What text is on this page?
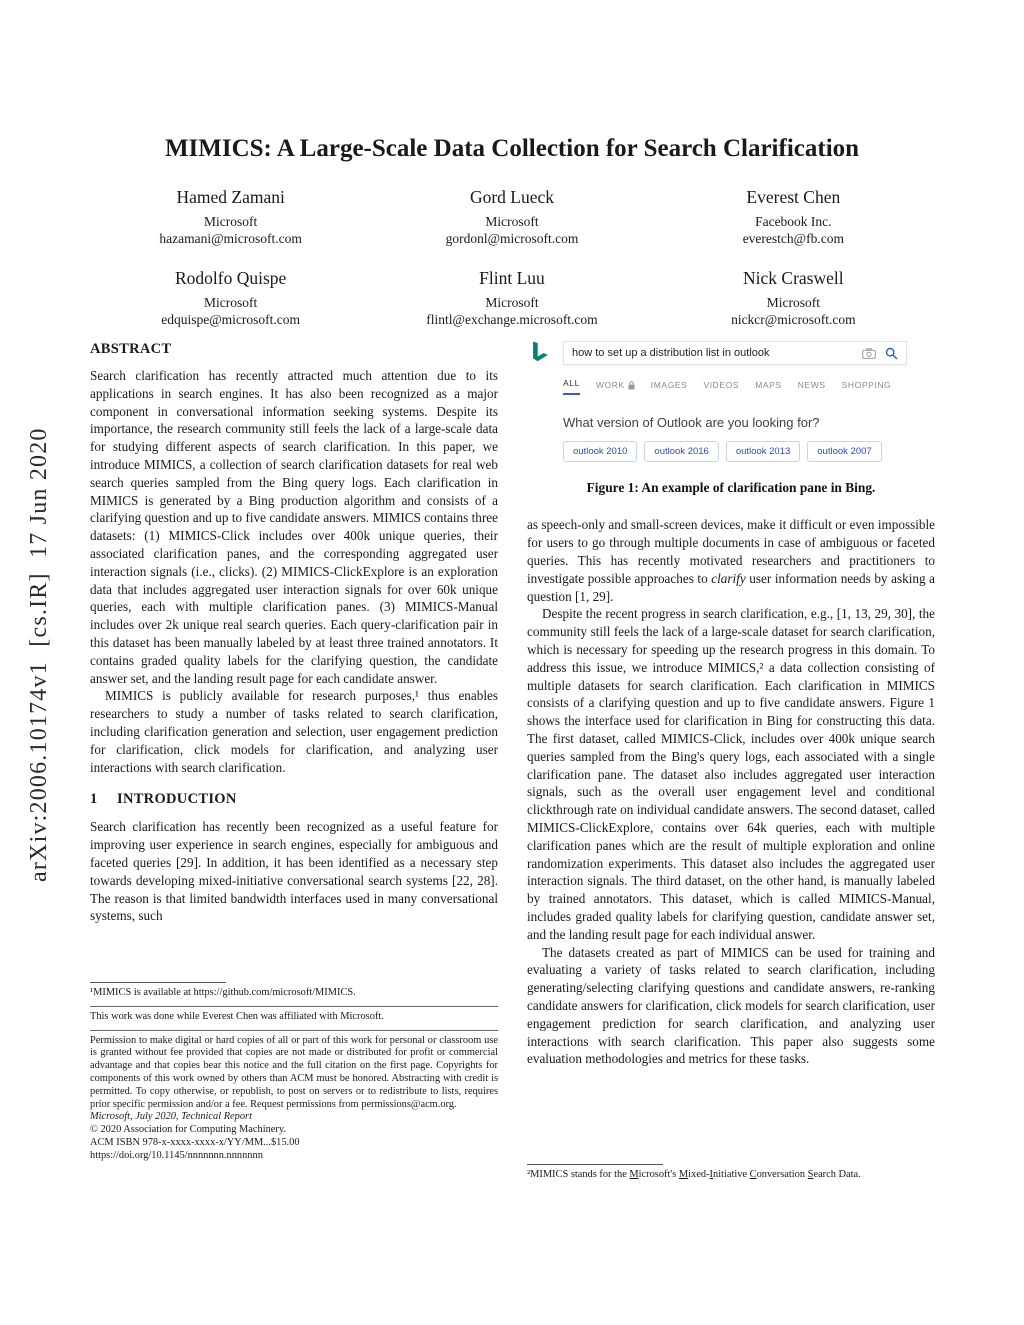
arXiv:2006.10174v1  [cs.IR]  17 Jun 2020
MIMICS: A Large-Scale Data Collection for Search Clarification
Hamed Zamani
Microsoft
hazamani@microsoft.com
Gord Lueck
Microsoft
gordonl@microsoft.com
Everest Chen
Facebook Inc.
everestch@fb.com
Rodolfo Quispe
Microsoft
edquispe@microsoft.com
Flint Luu
Microsoft
flintl@exchange.microsoft.com
Nick Craswell
Microsoft
nickcr@microsoft.com
ABSTRACT

Search clarification has recently attracted much attention due to its applications in search engines. It has also been recognized as a major component in conversational information seeking systems. Despite its importance, the research community still feels the lack of a large-scale data for studying different aspects of search clarification. In this paper, we introduce MIMICS, a collection of search clarification datasets for real web search queries sampled from the Bing query logs. Each clarification in MIMICS is generated by a Bing production algorithm and consists of a clarifying question and up to five candidate answers. MIMICS contains three datasets: (1) MIMICS-Click includes over 400k unique queries, their associated clarification panes, and the corresponding aggregated user interaction signals (i.e., clicks). (2) MIMICS-ClickExplore is an exploration data that includes aggregated user interaction signals for over 60k unique queries, each with multiple clarification panes. (3) MIMICS-Manual includes over 2k unique real search queries. Each query-clarification pair in this dataset has been manually labeled by at least three trained annotators. It contains graded quality labels for the clarifying question, the candidate answer set, and the landing result page for each candidate answer.

MIMICS is publicly available for research purposes,¹ thus enables researchers to study a number of tasks related to search clarification, including clarification generation and selection, user engagement prediction for clarification, click models for clarification, and analyzing user interactions with search clarification.

1 INTRODUCTION

Search clarification has recently been recognized as a useful feature for improving user experience in search engines, especially for ambiguous and faceted queries [29]. In addition, it has been identified as a necessary step towards developing mixed-initiative conversational search systems [22, 28]. The reason is that limited bandwidth interfaces used in many conversational systems, such

¹MIMICS is available at https://github.com/microsoft/MIMICS.

This work was done while Everest Chen was affiliated with Microsoft.

Permission to make digital or hard copies of all or part of this work for personal or classroom use is granted without fee provided that copies are not made or distributed for profit or commercial advantage and that copies bear this notice and the full citation on the first page. Copyrights for components of this work owned by others than ACM must be honored. Abstracting with credit is permitted. To copy otherwise, or republish, to post on servers or to redistribute to lists, requires prior specific permission and/or a fee. Request permissions from permissions@acm.org.

Microsoft, July 2020, Technical Report

© 2020 Association for Computing Machinery.

ACM ISBN 978-x-xxxx-xxxx-x/YY/MM...$15.00

https://doi.org/10.1145/nnnnnnn.nnnnnnn

how to set up a distribution list in outlook
ALL WORK	IMAGES VIDEOS MAPS NEWS SHOPPING
What version of Outlook are you looking for?
outlook 2010	outlook 2016	outlook 2013	outlook 2007
Figure 1: An example of clarification pane in Bing.

as speech-only and small-screen devices, make it difficult or even impossible for users to go through multiple documents in case of ambiguous or faceted queries. This has recently motivated researchers and practitioners to investigate possible approaches to clarify user information needs by asking a question [1, 29].

Despite the recent progress in search clarification, e.g., [1, 13, 29, 30], the community still feels the lack of a large-scale dataset for search clarification, which is necessary for speeding up the research progress in this domain. To address this issue, we introduce MIMICS,² a data collection consisting of multiple datasets for search clarification. Each clarification in MIMICS consists of a clarifying question and up to five candidate answers. Figure 1 shows the interface used for clarification in Bing for constructing this data. The first dataset, called MIMICS-Click, includes over 400k unique search queries sampled from the Bing's query logs, each associated with a single clarification pane. The dataset also includes aggregated user interaction signals, such as the overall user engagement level and conditional clickthrough rate on individual candidate answers. The second dataset, called MIMICS-ClickExplore, contains over 64k queries, each with multiple clarification panes which are the result of multiple exploration and online randomization experiments. This dataset also includes the aggregated user interaction signals. The third dataset, on the other hand, is manually labeled by trained annotators. This dataset, which is called MIMICS-Manual, includes graded quality labels for clarifying question, candidate answer set, and the landing result page for each individual answer.

The datasets created as part of MIMICS can be used for training and evaluating a variety of tasks related to search clarification, including generating/selecting clarifying questions and candidate answers, re-ranking candidate answers for clarification, click models for search clarification, user engagement prediction for search clarification, and analyzing user interactions with search clarification. This paper also suggests some evaluation methodologies and metrics for these tasks.

²MIMICS stands for the Microsoft's Mixed-Initiative Conversation Search Data.
